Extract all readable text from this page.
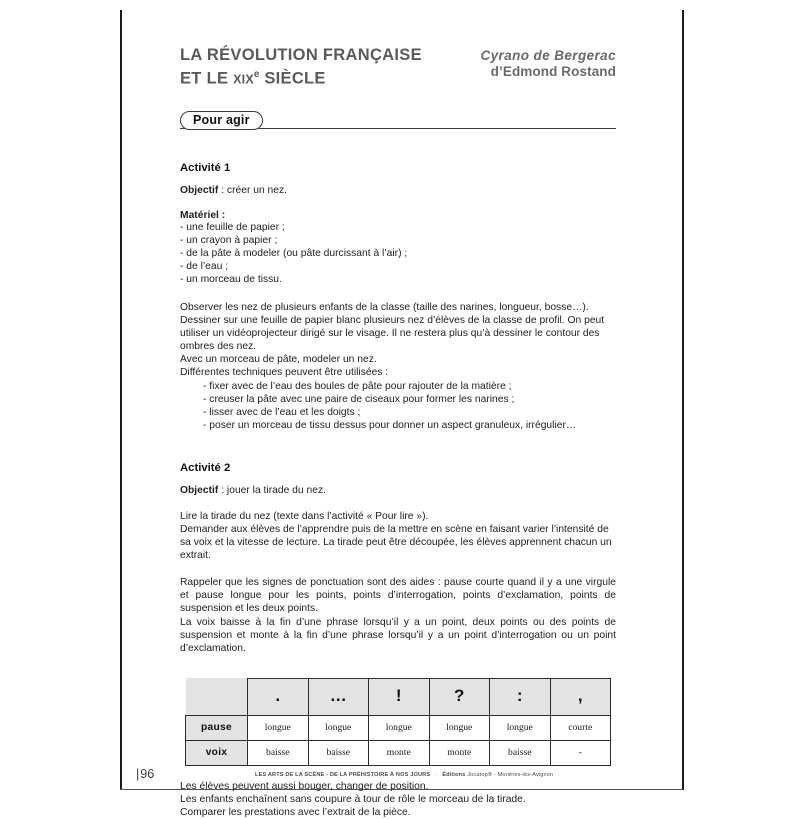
LA RÉVOLUTION FRANÇAISE
ET LE XIXe SIÈCLE
Cyrano de Bergerac
d’Edmond Rostand
Pour agir
Activité 1
Objectif : créer un nez.
Matériel :
- une feuille de papier ;
- un crayon à papier ;
- de la pâte à modeler (ou pâte durcissant à l’air) ;
- de l’eau ;
- un morceau de tissu.
Observer les nez de plusieurs enfants de la classe (taille des narines, longueur, bosse…).
Dessiner sur une feuille de papier blanc plusieurs nez d’élèves de la classe de profil. On peut utiliser un vidéoprojecteur dirigé sur le visage. Il ne restera plus qu’à dessiner le contour des ombres des nez.
Avec un morceau de pâte, modeler un nez.
Différentes techniques peuvent être utilisées :
- fixer avec de l’eau des boules de pâte pour rajouter de la matière ;
- creuser la pâte avec une paire de ciseaux pour former les narines ;
- lisser avec de l’eau et les doigts ;
- poser un morceau de tissu dessus pour donner un aspect granuleux, irrégulier…
Activité 2
Objectif : jouer la tirade du nez.
Lire la tirade du nez (texte dans l’activité « Pour lire »).
Demander aux élèves de l’apprendre puis de la mettre en scène en faisant varier l’intensité de sa voix et la vitesse de lecture. La tirade peut être découpée, les élèves apprennent chacun un extrait.
Rappeler que les signes de ponctuation sont des aides : pause courte quand il y a une virgule et pause longue pour les points, points d’interrogation, points d’exclamation, points de suspension et les deux points.
La voix baisse à la fin d’une phrase lorsqu’il y a un point, deux points ou des points de suspension et monte à la fin d’une phrase lorsqu’il y a un point d’interrogation ou un point d’exclamation.
	.	…	!	?	:	,
pause	longue	longue	longue	longue	longue	courte
voix	baisse	baisse	monte	monte	baisse	-
Les élèves peuvent aussi bouger, changer de position.
Les enfants enchaînent sans coupure à tour de rôle le morceau de la tirade.
Comparer les prestations avec l’extrait de la pièce.
|96	LES ARTS DE LA SCÈNE - DE LA PRÉHISTOIRE À NOS JOURS · Éditions Jocatop® - Morières-lès-Avignon
